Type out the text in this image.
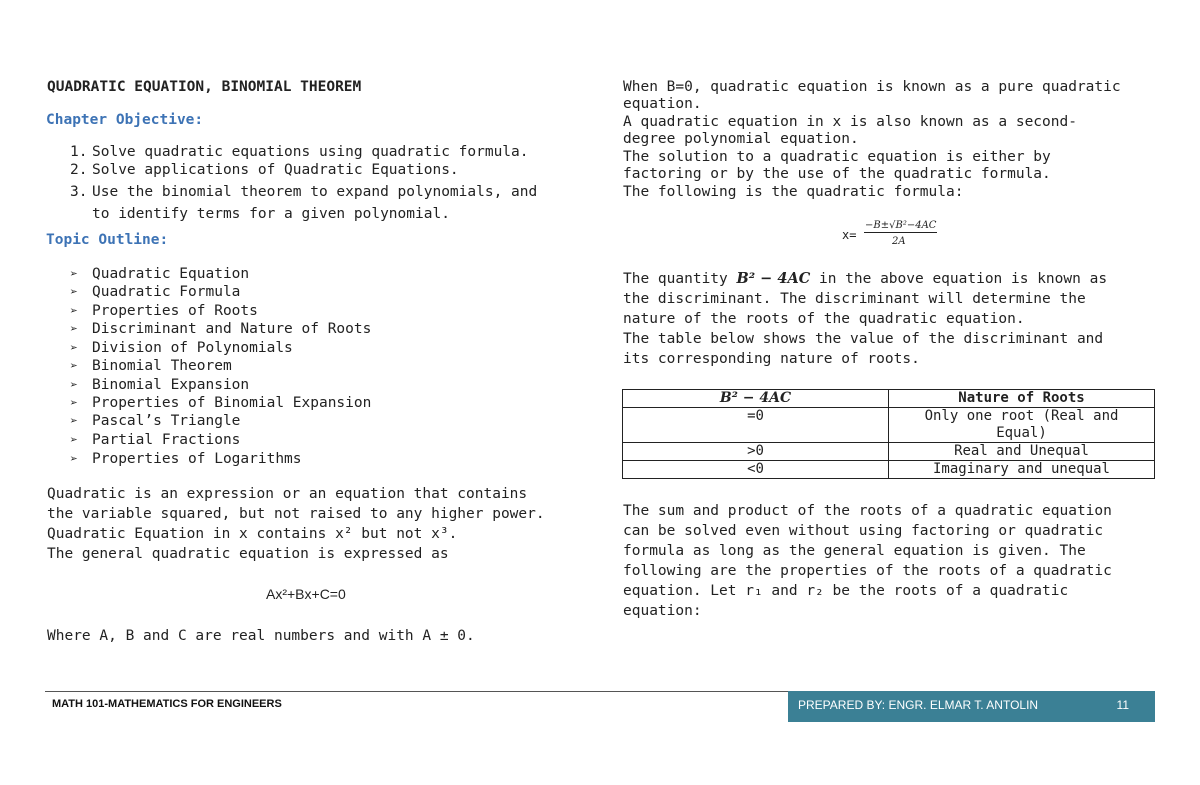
QUADRATIC EQUATION, BINOMIAL THEOREM
Chapter Objective:
1. Solve quadratic equations using quadratic formula.
2. Solve applications of Quadratic Equations.
3. Use the binomial theorem to expand polynomials, and
to identify terms for a given polynomial.
Topic Outline:
➢ Quadratic Equation
➢ Quadratic Formula
➢ Properties of Roots
➢ Discriminant and Nature of Roots
➢ Division of Polynomials
➢ Binomial Theorem
➢ Binomial Expansion
➢ Properties of Binomial Expansion
➢ Pascal’s Triangle
➢ Partial Fractions
➢ Properties of Logarithms
Quadratic is an expression or an equation that contains
the variable squared, but not raised to any higher power.
Quadratic Equation in x contains x² but not x³.
The general quadratic equation is expressed as
Ax²+Bx+C=0
Where A, B and C are real numbers and with A ± 0.
When B=0, quadratic equation is known as a pure quadratic
equation.
A quadratic equation in x is also known as a second-
degree polynomial equation.
The solution to a quadratic equation is either by
factoring or by the use of the quadratic formula.
The following is the quadratic formula:
x=
−B±√B²−4AC
2A
The quantity B² − 4AC in the above equation is known as
the discriminant. The discriminant will determine the
nature of the roots of the quadratic equation.
The table below shows the value of the discriminant and
its corresponding nature of roots.
B² − 4AC	Nature of Roots
=0	Only one root (Real and Equal)
>0	Real and Unequal
<0	Imaginary and unequal
The sum and product of the roots of a quadratic equation
can be solved even without using factoring or quadratic
formula as long as the general equation is given. The
following are the properties of the roots of a quadratic
equation. Let r₁ and r₂ be the roots of a quadratic
equation:
MATH 101-MATHEMATICS FOR ENGINEERS	PREPARED BY: ENGR. ELMAR T. ANTOLIN	11
